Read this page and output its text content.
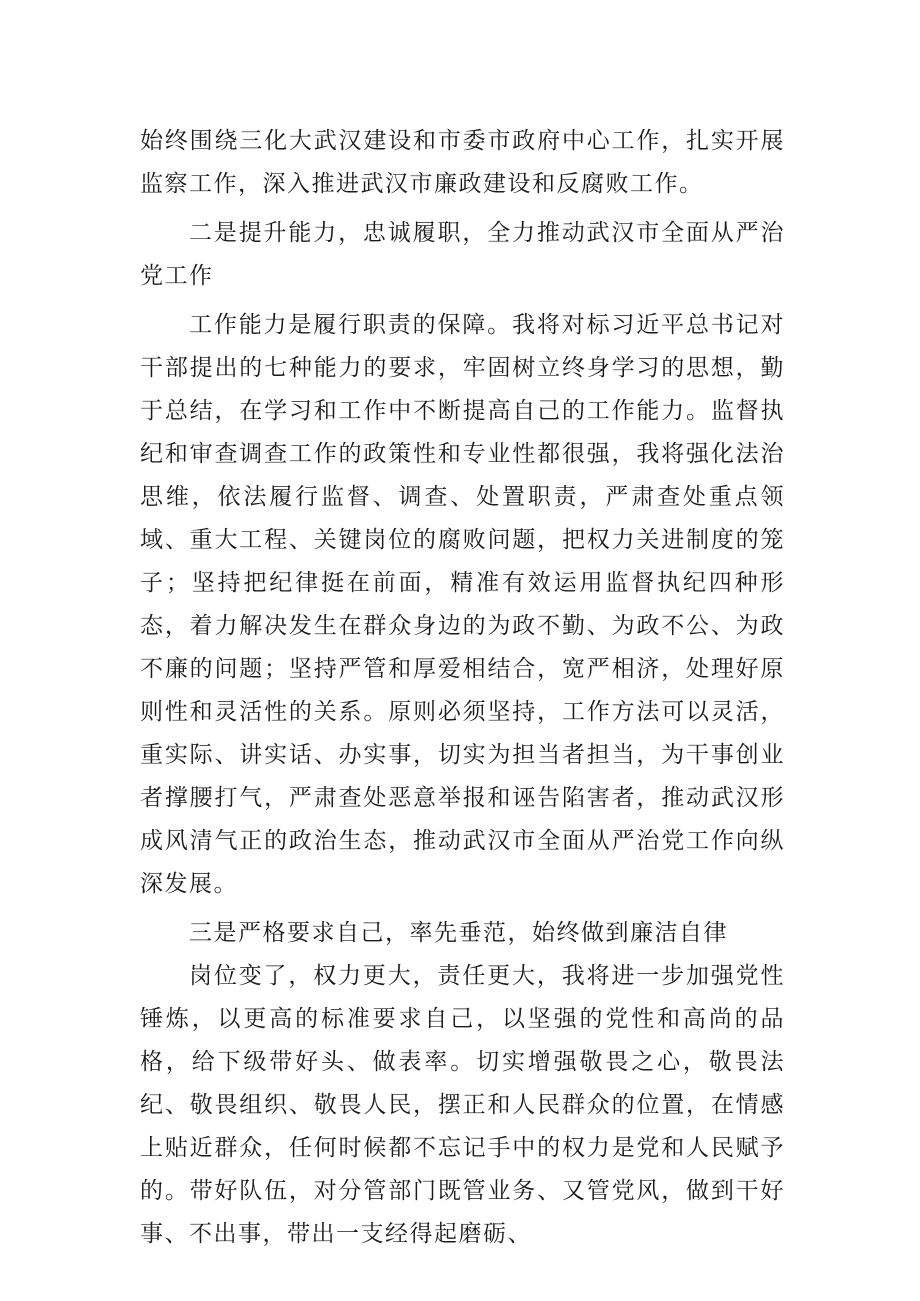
始终围绕三化大武汉建设和市委市政府中心工作，扎实开展监察工作，深入推进武汉市廉政建设和反腐败工作。

二是提升能力，忠诚履职，全力推动武汉市全面从严治党工作

工作能力是履行职责的保障。我将对标习近平总书记对干部提出的七种能力的要求，牢固树立终身学习的思想，勤于总结，在学习和工作中不断提高自己的工作能力。监督执纪和审查调查工作的政策性和专业性都很强，我将强化法治思维，依法履行监督、调查、处置职责，严肃查处重点领域、重大工程、关键岗位的腐败问题，把权力关进制度的笼子；坚持把纪律挺在前面，精准有效运用监督执纪四种形态，着力解决发生在群众身边的为政不勤、为政不公、为政不廉的问题；坚持严管和厚爱相结合，宽严相济，处理好原则性和灵活性的关系。原则必须坚持，工作方法可以灵活，重实际、讲实话、办实事，切实为担当者担当，为干事创业者撑腰打气，严肃查处恶意举报和诬告陷害者，推动武汉形成风清气正的政治生态，推动武汉市全面从严治党工作向纵深发展。

三是严格要求自己，率先垂范，始终做到廉洁自律

岗位变了，权力更大，责任更大，我将进一步加强党性锤炼，以更高的标准要求自己，以坚强的党性和高尚的品格，给下级带好头、做表率。切实增强敬畏之心，敬畏法纪、敬畏组织、敬畏人民，摆正和人民群众的位置，在情感上贴近群众，任何时候都不忘记手中的权力是党和人民赋予的。带好队伍，对分管部门既管业务、又管党风，做到干好事、不出事，带出一支经得起磨砺、
